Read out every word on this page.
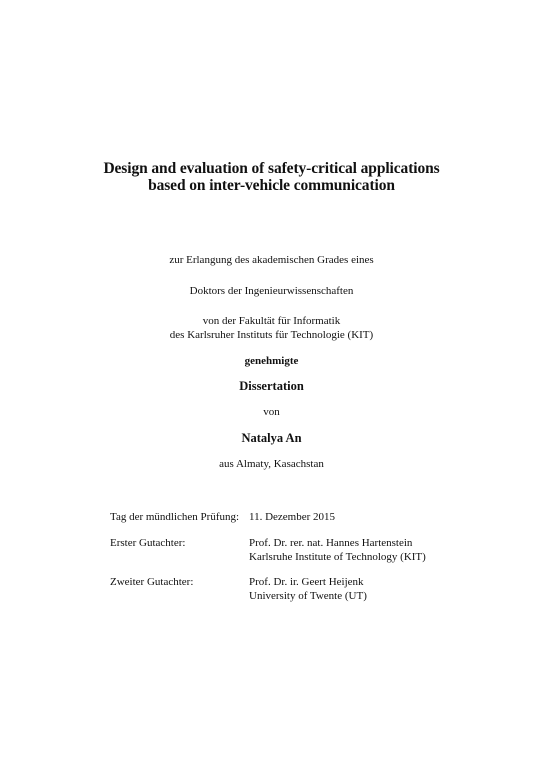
Design and evaluation of safety-critical applications
based on inter-vehicle communication
zur Erlangung des akademischen Grades eines
Doktors der Ingenieurwissenschaften
von der Fakultät für Informatik
des Karlsruher Instituts für Technologie (KIT)
genehmigte
Dissertation
von
Natalya An
aus Almaty, Kasachstan
Tag der mündlichen Prüfung: 11. Dezember 2015
Erster Gutachter:	Prof. Dr. rer. nat. Hannes Hartenstein
Karlsruhe Institute of Technology (KIT)
Zweiter Gutachter:	Prof. Dr. ir. Geert Heijenk
University of Twente (UT)
